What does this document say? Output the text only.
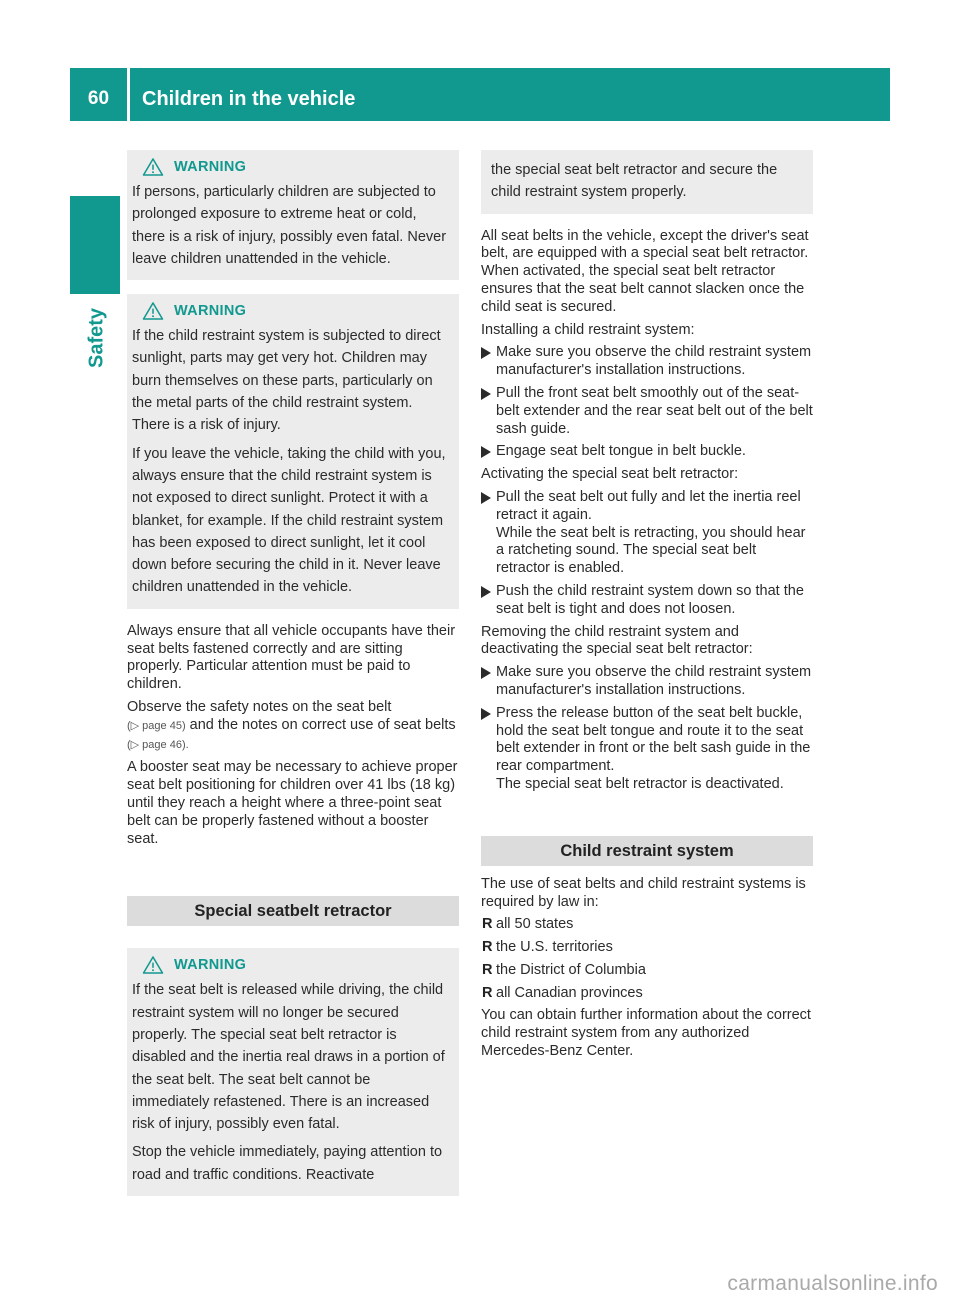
60	Children in the vehicle
Safety
WARNING

If persons, particularly children are subjected to prolonged exposure to extreme heat or cold, there is a risk of injury, possibly even fatal. Never leave children unattended in the vehicle.

WARNING

If the child restraint system is subjected to direct sunlight, parts may get very hot. Children may burn themselves on these parts, particularly on the metal parts of the child restraint system. There is a risk of injury.

If you leave the vehicle, taking the child with you, always ensure that the child restraint system is not exposed to direct sunlight. Protect it with a blanket, for example. If the child restraint system has been exposed to direct sunlight, let it cool down before securing the child in it. Never leave children unattended in the vehicle.

Always ensure that all vehicle occupants have their seat belts fastened correctly and are sitting properly. Particular attention must be paid to children.

Observe the safety notes on the seat belt
(▷ page 45) and the notes on correct use of seat belts (▷ page 46).

A booster seat may be necessary to achieve proper seat belt positioning for children over 41 lbs (18 kg) until they reach a height where a three-point seat belt can be properly fastened without a booster seat.

Special seatbelt retractor
WARNING

If the seat belt is released while driving, the child restraint system will no longer be secured properly. The special seat belt retractor is disabled and the inertia real draws in a portion of the seat belt. The seat belt cannot be immediately refastened. There is an increased risk of injury, possibly even fatal.

Stop the vehicle immediately, paying attention to road and traffic conditions. Reactivate

the special seat belt retractor and secure the child restraint system properly.

All seat belts in the vehicle, except the driver's seat belt, are equipped with a special seat belt retractor. When activated, the special seat belt retractor ensures that the seat belt cannot slacken once the child seat is secured.

Installing a child restraint system:

Make sure you observe the child restraint system manufacturer's installation instructions.
Pull the front seat belt smoothly out of the seat-belt extender and the rear seat belt out of the belt sash guide.
Engage seat belt tongue in belt buckle.

Activating the special seat belt retractor:

Pull the seat belt out fully and let the inertia reel retract it again.
While the seat belt is retracting, you should hear a ratcheting sound. The special seat belt retractor is enabled.
Push the child restraint system down so that the seat belt is tight and does not loosen.

Removing the child restraint system and deactivating the special seat belt retractor:

Make sure you observe the child restraint system manufacturer's installation instructions.
Press the release button of the seat belt buckle, hold the seat belt tongue and route it to the seat belt extender in front or the belt sash guide in the rear compartment.
The special seat belt retractor is deactivated.
Child restraint system

The use of seat belts and child restraint systems is required by law in:

R all 50 states
R the U.S. territories
R the District of Columbia
R all Canadian provinces

You can obtain further information about the correct child restraint system from any authorized Mercedes-Benz Center.

carmanualsonline.info
